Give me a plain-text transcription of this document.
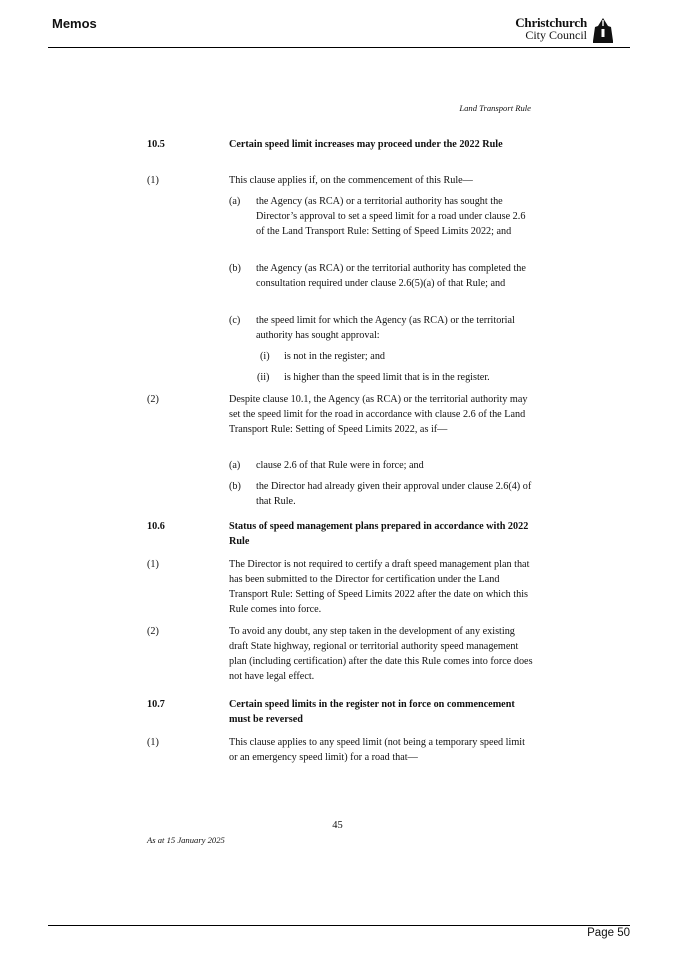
Memos	Christchurch
City Council
Land Transport Rule
10.5	Certain speed limit increases may proceed under the 2022 Rule
(1)	This clause applies if, on the commencement of this Rule—
(a) the Agency (as RCA) or a territorial authority has sought the Director’s approval to set a speed limit for a road under clause 2.6 of the Land Transport Rule: Setting of Speed Limits 2022; and
(b) the Agency (as RCA) or the territorial authority has completed the consultation required under clause 2.6(5)(a) of that Rule; and
(c) the speed limit for which the Agency (as RCA) or the territorial authority has sought approval:
(i) is not in the register; and
(ii) is higher than the speed limit that is in the register.
(2)	Despite clause 10.1, the Agency (as RCA) or the territorial authority may set the speed limit for the road in accordance with clause 2.6 of the Land Transport Rule: Setting of Speed Limits 2022, as if—
(a) clause 2.6 of that Rule were in force; and
(b) the Director had already given their approval under clause 2.6(4) of that Rule.
10.6	Status of speed management plans prepared in accordance with 2022 Rule
(1)	The Director is not required to certify a draft speed management plan that has been submitted to the Director for certification under the Land Transport Rule: Setting of Speed Limits 2022 after the date on which this Rule comes into force.
(2)	To avoid any doubt, any step taken in the development of any existing draft State highway, regional or territorial authority speed management plan (including certification) after the date this Rule comes into force does not have legal effect.
10.7	Certain speed limits in the register not in force on commencement must be reversed
(1)	This clause applies to any speed limit (not being a temporary speed limit or an emergency speed limit) for a road that—
45
As at 15 January 2025
Page 50
